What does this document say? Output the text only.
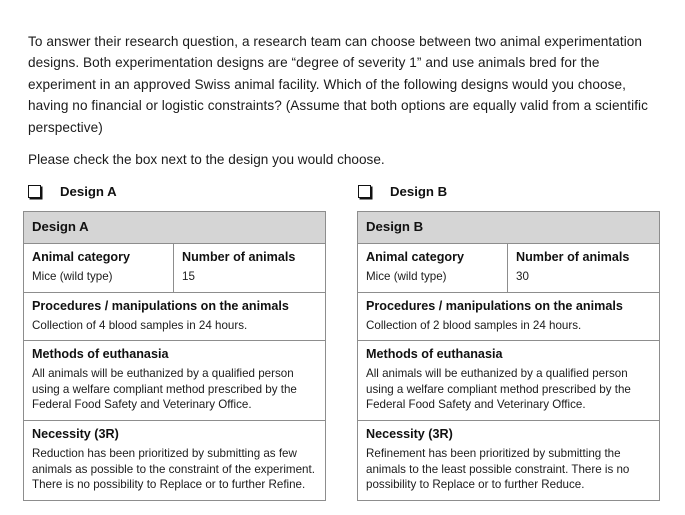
To answer their research question, a research team can choose between two animal experimentation designs. Both experimentation designs are “degree of severity 1” and use animals bred for the experiment in an approved Swiss animal facility. Which of the following designs would you choose, having no financial or logistic constraints? (Assume that both options are equally valid from a scientific perspective)

Please check the box next to the design you would choose.

Design A	Design B
Design A

Animal category
Mice (wild type)

Number of animals
15

Procedures / manipulations on the animals
Collection of 4 blood samples in 24 hours.

Methods of euthanasia
All animals will be euthanized by a qualified person using a welfare compliant method prescribed by the Federal Food Safety and Veterinary Office.

Necessity (3R)
Reduction has been prioritized by submitting as few animals as possible to the constraint of the experiment. There is no possibility to Replace or to further Refine.
Design B

Animal category
Mice (wild type)

Number of animals
30

Procedures / manipulations on the animals
Collection of 2 blood samples in 24 hours.

Methods of euthanasia
All animals will be euthanized by a qualified person using a welfare compliant method prescribed by the Federal Food Safety and Veterinary Office.

Necessity (3R)
Refinement has been prioritized by submitting the animals to the least possible constraint. There is no possibility to Replace or to further Reduce.
